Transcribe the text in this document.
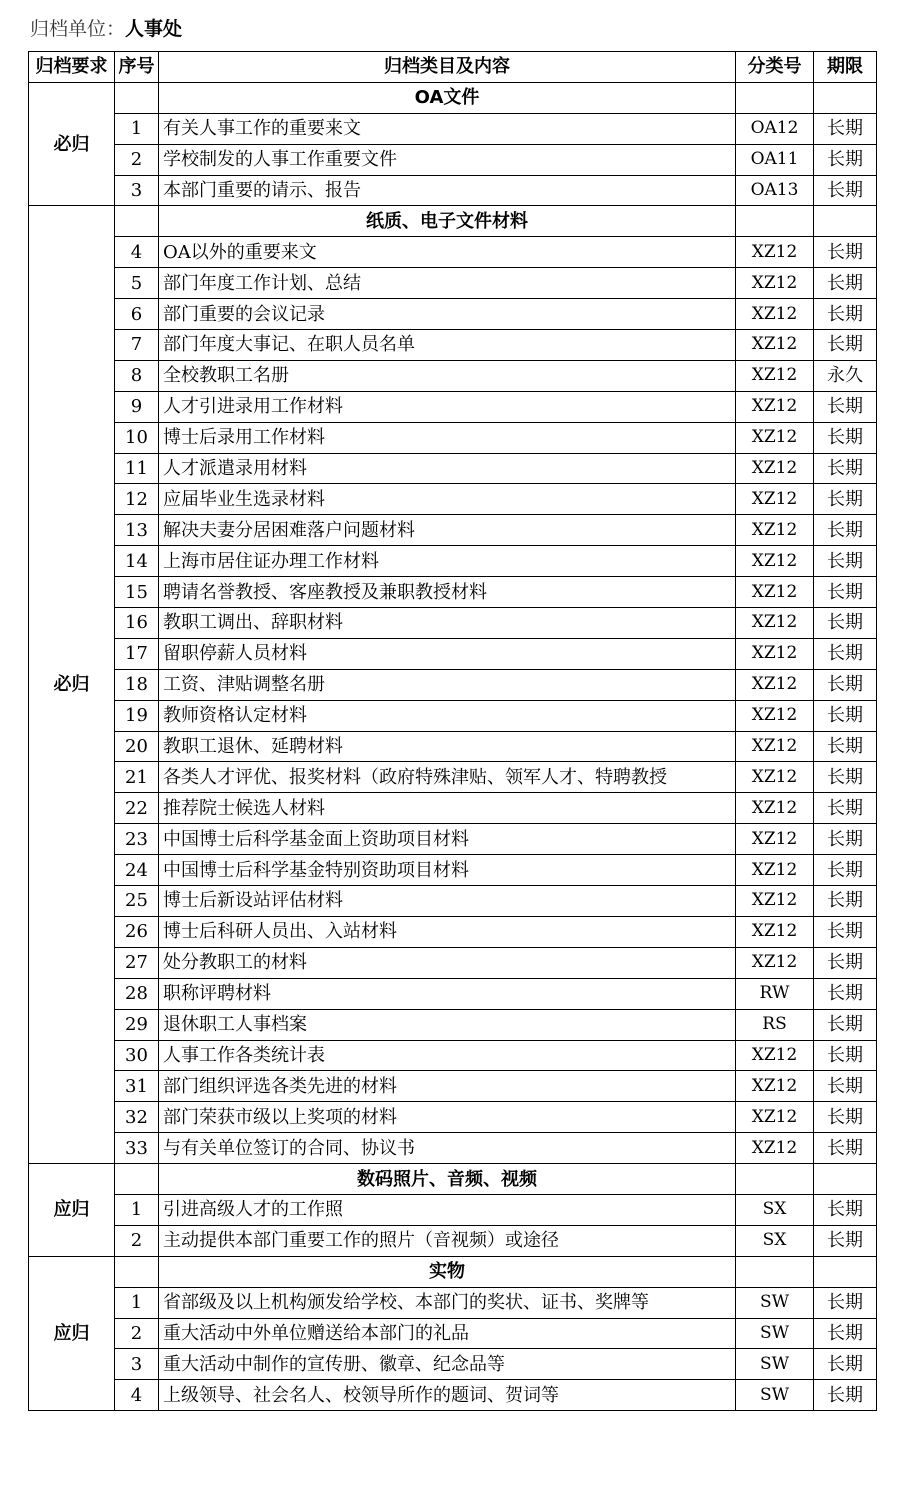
归档单位：人事处
归档要求	序号	归档类目及内容	分类号	期限
必归		OA文件		
	1	有关人事工作的重要来文	OA12	长期
	2	学校制发的人事工作重要文件	OA11	长期
	3	本部门重要的请示、报告	OA13	长期
必归		纸质、电子文件材料		
	4	OA以外的重要来文	XZ12	长期
	5	部门年度工作计划、总结	XZ12	长期
	6	部门重要的会议记录	XZ12	长期
	7	部门年度大事记、在职人员名单	XZ12	长期
	8	全校教职工名册	XZ12	永久
	9	人才引进录用工作材料	XZ12	长期
	10	博士后录用工作材料	XZ12	长期
	11	人才派遣录用材料	XZ12	长期
	12	应届毕业生选录材料	XZ12	长期
	13	解决夫妻分居困难落户问题材料	XZ12	长期
	14	上海市居住证办理工作材料	XZ12	长期
	15	聘请名誉教授、客座教授及兼职教授材料	XZ12	长期
	16	教职工调出、辞职材料	XZ12	长期
	17	留职停薪人员材料	XZ12	长期
	18	工资、津贴调整名册	XZ12	长期
	19	教师资格认定材料	XZ12	长期
	20	教职工退休、延聘材料	XZ12	长期
	21	各类人才评优、报奖材料（政府特殊津贴、领军人才、特聘教授	XZ12	长期
	22	推荐院士候选人材料	XZ12	长期
	23	中国博士后科学基金面上资助项目材料	XZ12	长期
	24	中国博士后科学基金特别资助项目材料	XZ12	长期
	25	博士后新设站评估材料	XZ12	长期
	26	博士后科研人员出、入站材料	XZ12	长期
	27	处分教职工的材料	XZ12	长期
	28	职称评聘材料	RW	长期
	29	退休职工人事档案	RS	长期
	30	人事工作各类统计表	XZ12	长期
	31	部门组织评选各类先进的材料	XZ12	长期
	32	部门荣获市级以上奖项的材料	XZ12	长期
	33	与有关单位签订的合同、协议书	XZ12	长期
应归		数码照片、音频、视频		
	1	引进高级人才的工作照	SX	长期
	2	主动提供本部门重要工作的照片（音视频）或途径	SX	长期
应归		实物		
	1	省部级及以上机构颁发给学校、本部门的奖状、证书、奖牌等	SW	长期
	2	重大活动中外单位赠送给本部门的礼品	SW	长期
	3	重大活动中制作的宣传册、徽章、纪念品等	SW	长期
	4	上级领导、社会名人、校领导所作的题词、贺词等	SW	长期
